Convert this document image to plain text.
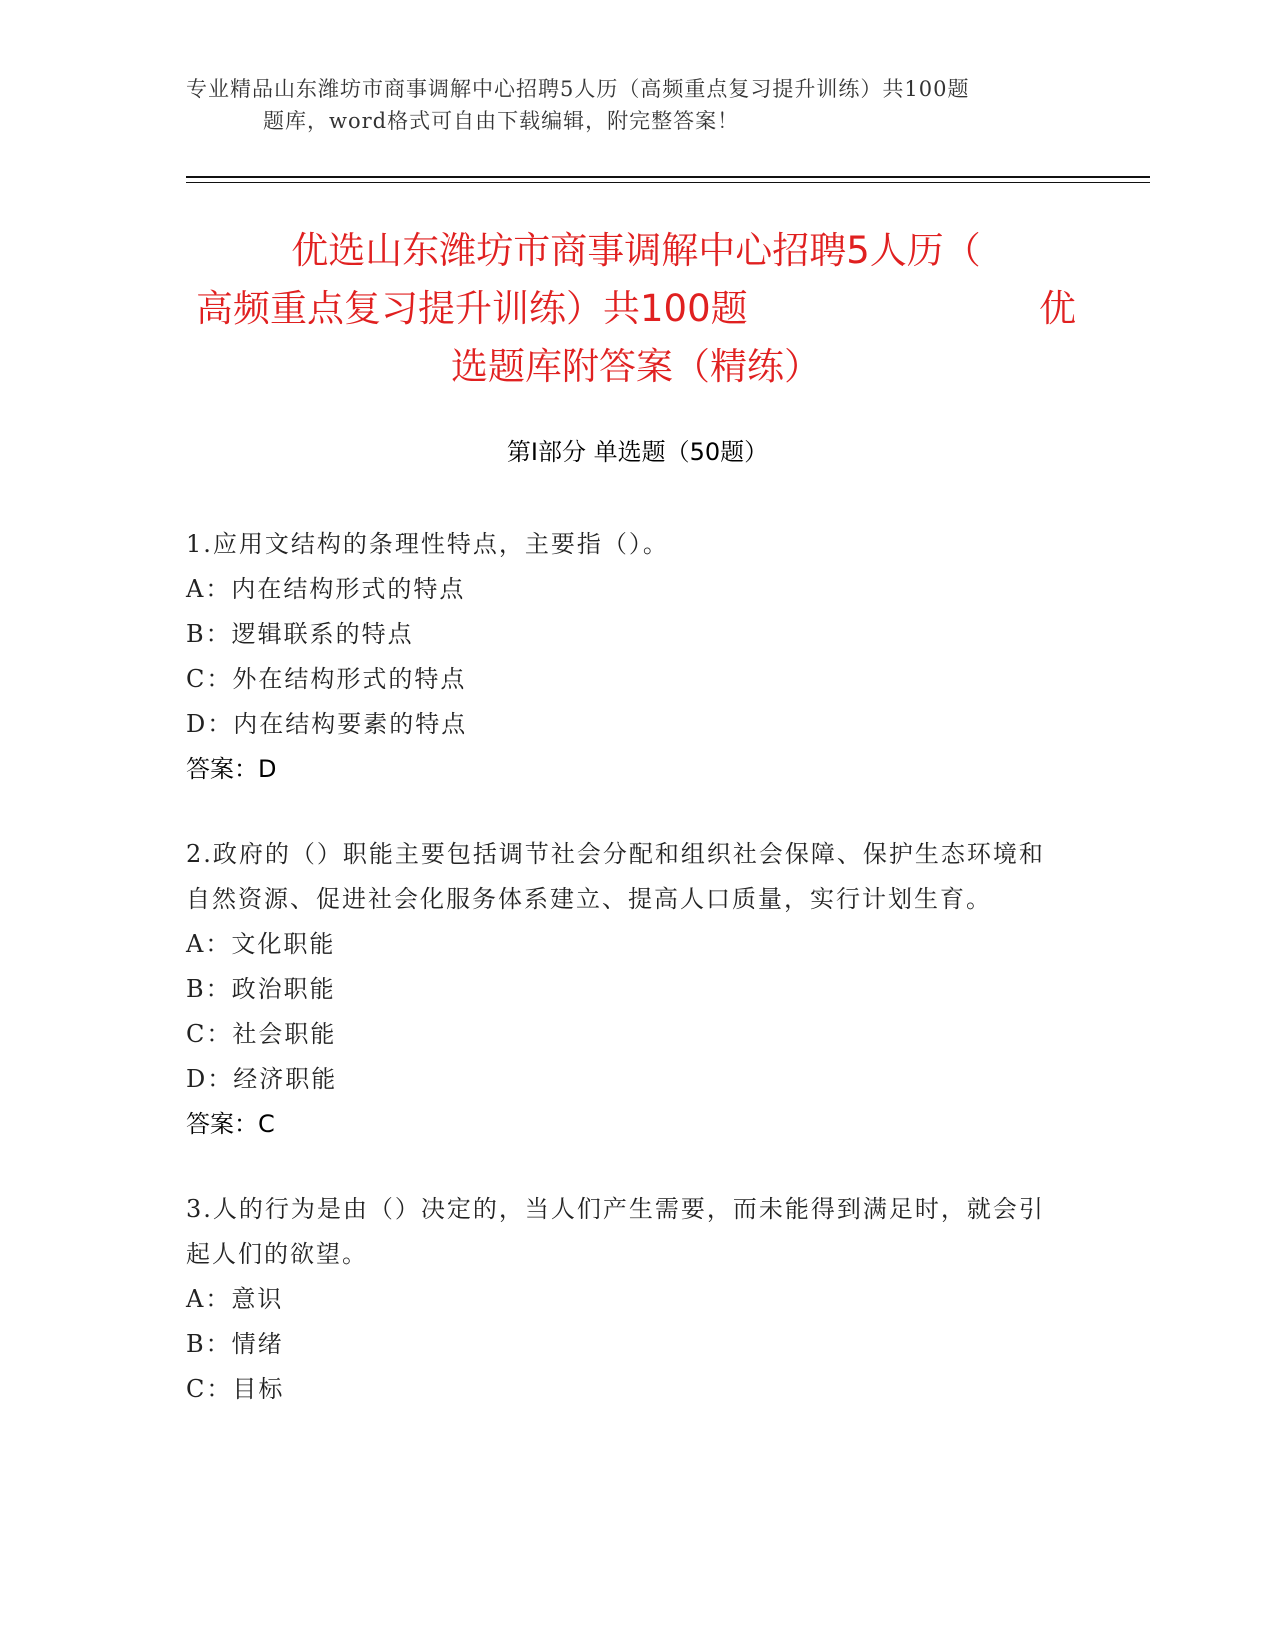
专业精品山东潍坊市商事调解中心招聘5人历（高频重点复习提升训练）共100题
题库，word格式可自由下载编辑，附完整答案！
优选山东潍坊市商事调解中心招聘5人历（
高频重点复习提升训练）共100题	优
选题库附答案（精练）
第Ⅰ部分 单选题（50题）
1.应用文结构的条理性特点，主要指（）。
A：内在结构形式的特点
B：逻辑联系的特点
C：外在结构形式的特点
D：内在结构要素的特点
答案：D
2.政府的（）职能主要包括调节社会分配和组织社会保障、保护生态环境和自然资源、促进社会化服务体系建立、提高人口质量，实行计划生育。
A：文化职能
B：政治职能
C：社会职能
D：经济职能
答案：C
3.人的行为是由（）决定的，当人们产生需要，而未能得到满足时，就会引起人们的欲望。
A：意识
B：情绪
C：目标
